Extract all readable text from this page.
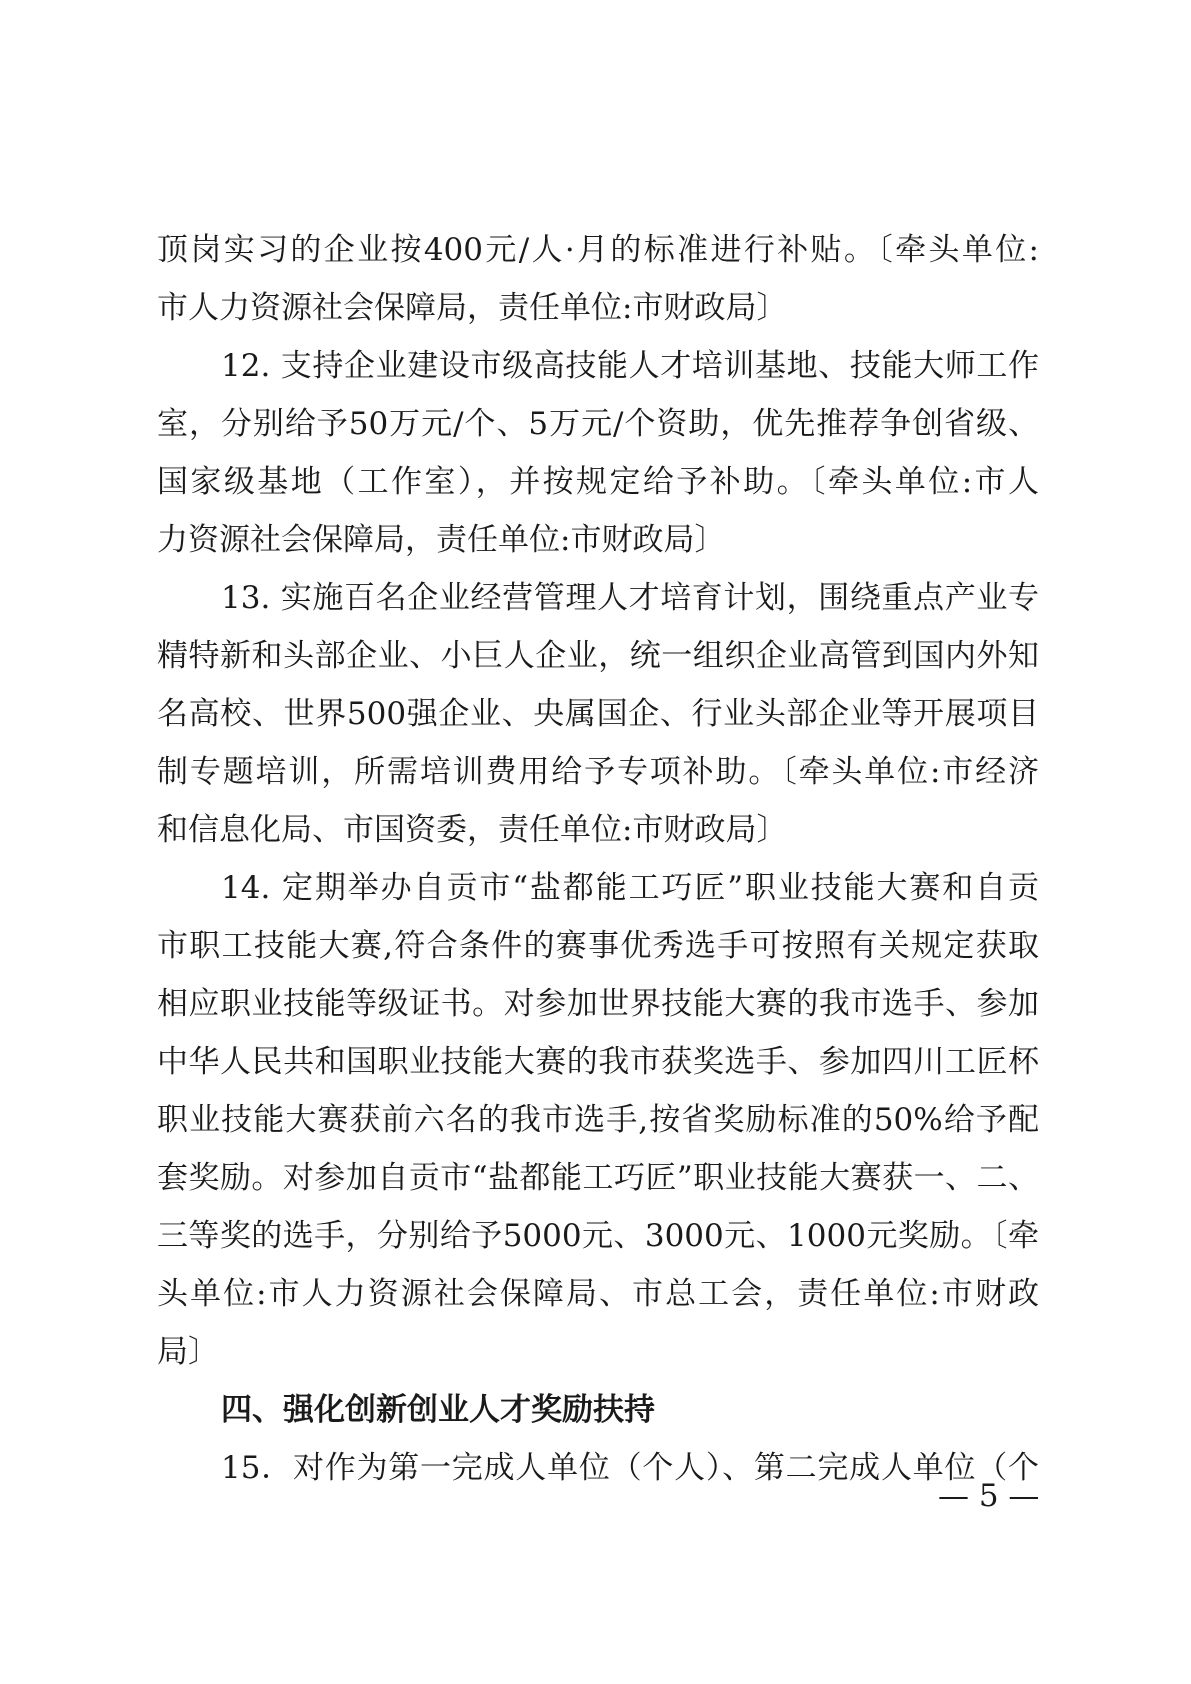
顶岗实习的企业按400元/人·月的标准进行补贴。〔牵头单位:
市人力资源社会保障局，责任单位:市财政局〕
12. 支持企业建设市级高技能人才培训基地、技能大师工作
室，分别给予50万元/个、5万元/个资助，优先推荐争创省级、
国家级基地（工作室），并按规定给予补助。〔牵头单位:市人
力资源社会保障局，责任单位:市财政局〕
13. 实施百名企业经营管理人才培育计划，围绕重点产业专
精特新和头部企业、小巨人企业，统一组织企业高管到国内外知
名高校、世界500强企业、央属国企、行业头部企业等开展项目
制专题培训，所需培训费用给予专项补助。〔牵头单位:市经济
和信息化局、市国资委，责任单位:市财政局〕
14. 定期举办自贡市“盐都能工巧匠”职业技能大赛和自贡
市职工技能大赛,符合条件的赛事优秀选手可按照有关规定获取
相应职业技能等级证书。对参加世界技能大赛的我市选手、参加
中华人民共和国职业技能大赛的我市获奖选手、参加四川工匠杯
职业技能大赛获前六名的我市选手,按省奖励标准的50%给予配
套奖励。对参加自贡市“盐都能工巧匠”职业技能大赛获一、二、
三等奖的选手，分别给予5000元、3000元、1000元奖励。〔牵
头单位:市人力资源社会保障局、市总工会，责任单位:市财政
局〕
四、强化创新创业人才奖励扶持
15．对作为第一完成人单位（个人）、第二完成人单位（个
— 5 —
